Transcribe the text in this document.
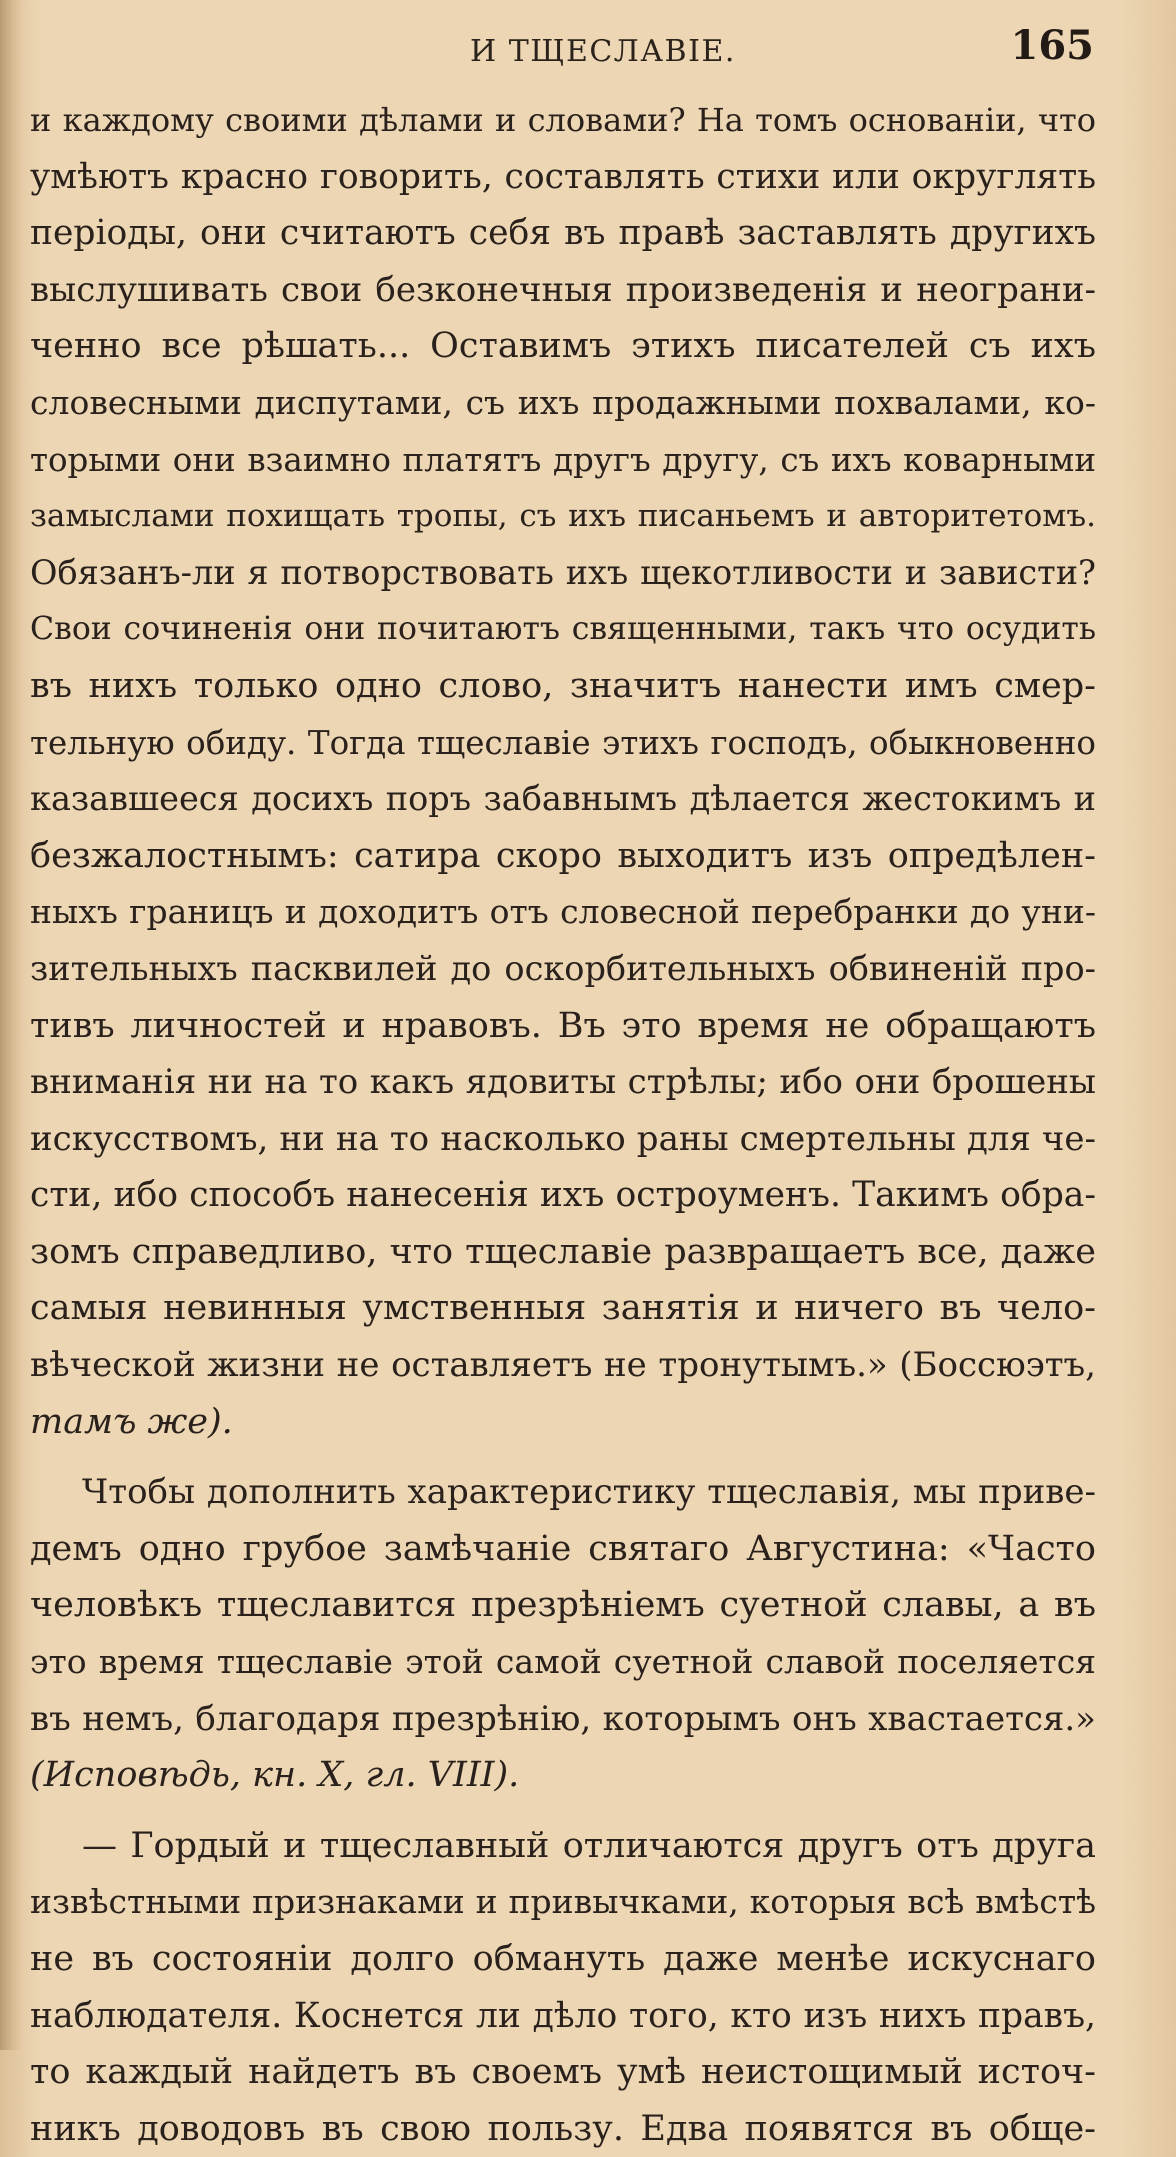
И ТЩЕСЛАВІЕ.	165
и каждому своими дѣлами и словами? На томъ основаніи, что
умѣютъ красно говорить, составлять стихи или округлять
періоды, они считаютъ себя въ правѣ заставлять другихъ
выслушивать свои безконечныя произведенія и неограни-
ченно все рѣшать... Оставимъ этихъ писателей съ ихъ
словесными диспутами, съ ихъ продажными похвалами, ко-
торыми они взаимно платятъ другъ другу, съ ихъ коварными
замыслами похищать тропы, съ ихъ писаньемъ и авторитетомъ.
Обязанъ-ли я потворствовать ихъ щекотливости и зависти?
Свои сочиненія они почитаютъ священными, такъ что осудить
въ нихъ только одно слово, значитъ нанести имъ смер-
тельную обиду. Тогда тщеславіе этихъ господъ, обыкновенно
казавшееся досихъ поръ забавнымъ дѣлается жестокимъ и
безжалостнымъ: сатира скоро выходитъ изъ опредѣлен-
ныхъ границъ и доходитъ отъ словесной перебранки до уни-
зительныхъ пасквилей до оскорбительныхъ обвиненій про-
тивъ личностей и нравовъ. Въ это время не обращаютъ
вниманія ни на то какъ ядовиты стрѣлы; ибо они брошены
искусствомъ, ни на то насколько раны смертельны для че-
сти, ибо способъ нанесенія ихъ остроуменъ. Такимъ обра-
зомъ справедливо, что тщеславіе развращаетъ все, даже
самыя невинныя умственныя занятія и ничего въ чело-
вѣческой жизни не оставляетъ не тронутымъ.» (Боссюэтъ,
тамъ же).
Чтобы дополнить характеристику тщеславія, мы приве-
демъ одно грубое замѣчаніе святаго Августина: «Часто
человѣкъ тщеславится презрѣніемъ суетной славы, а въ
это время тщеславіе этой самой суетной славой поселяется
въ немъ, благодаря презрѣнію, которымъ онъ хвастается.»
(Исповѣдь, кн. X, гл. VIII).
— Гордый и тщеславный отличаются другъ отъ друга
извѣстными признаками и привычками, которыя всѣ вмѣстѣ
не въ состояніи долго обмануть даже менѣе искуснаго
наблюдателя. Коснется ли дѣло того, кто изъ нихъ правъ,
то каждый найдетъ въ своемъ умѣ неистощимый источ-
никъ доводовъ въ свою пользу. Едва появятся въ обще-
